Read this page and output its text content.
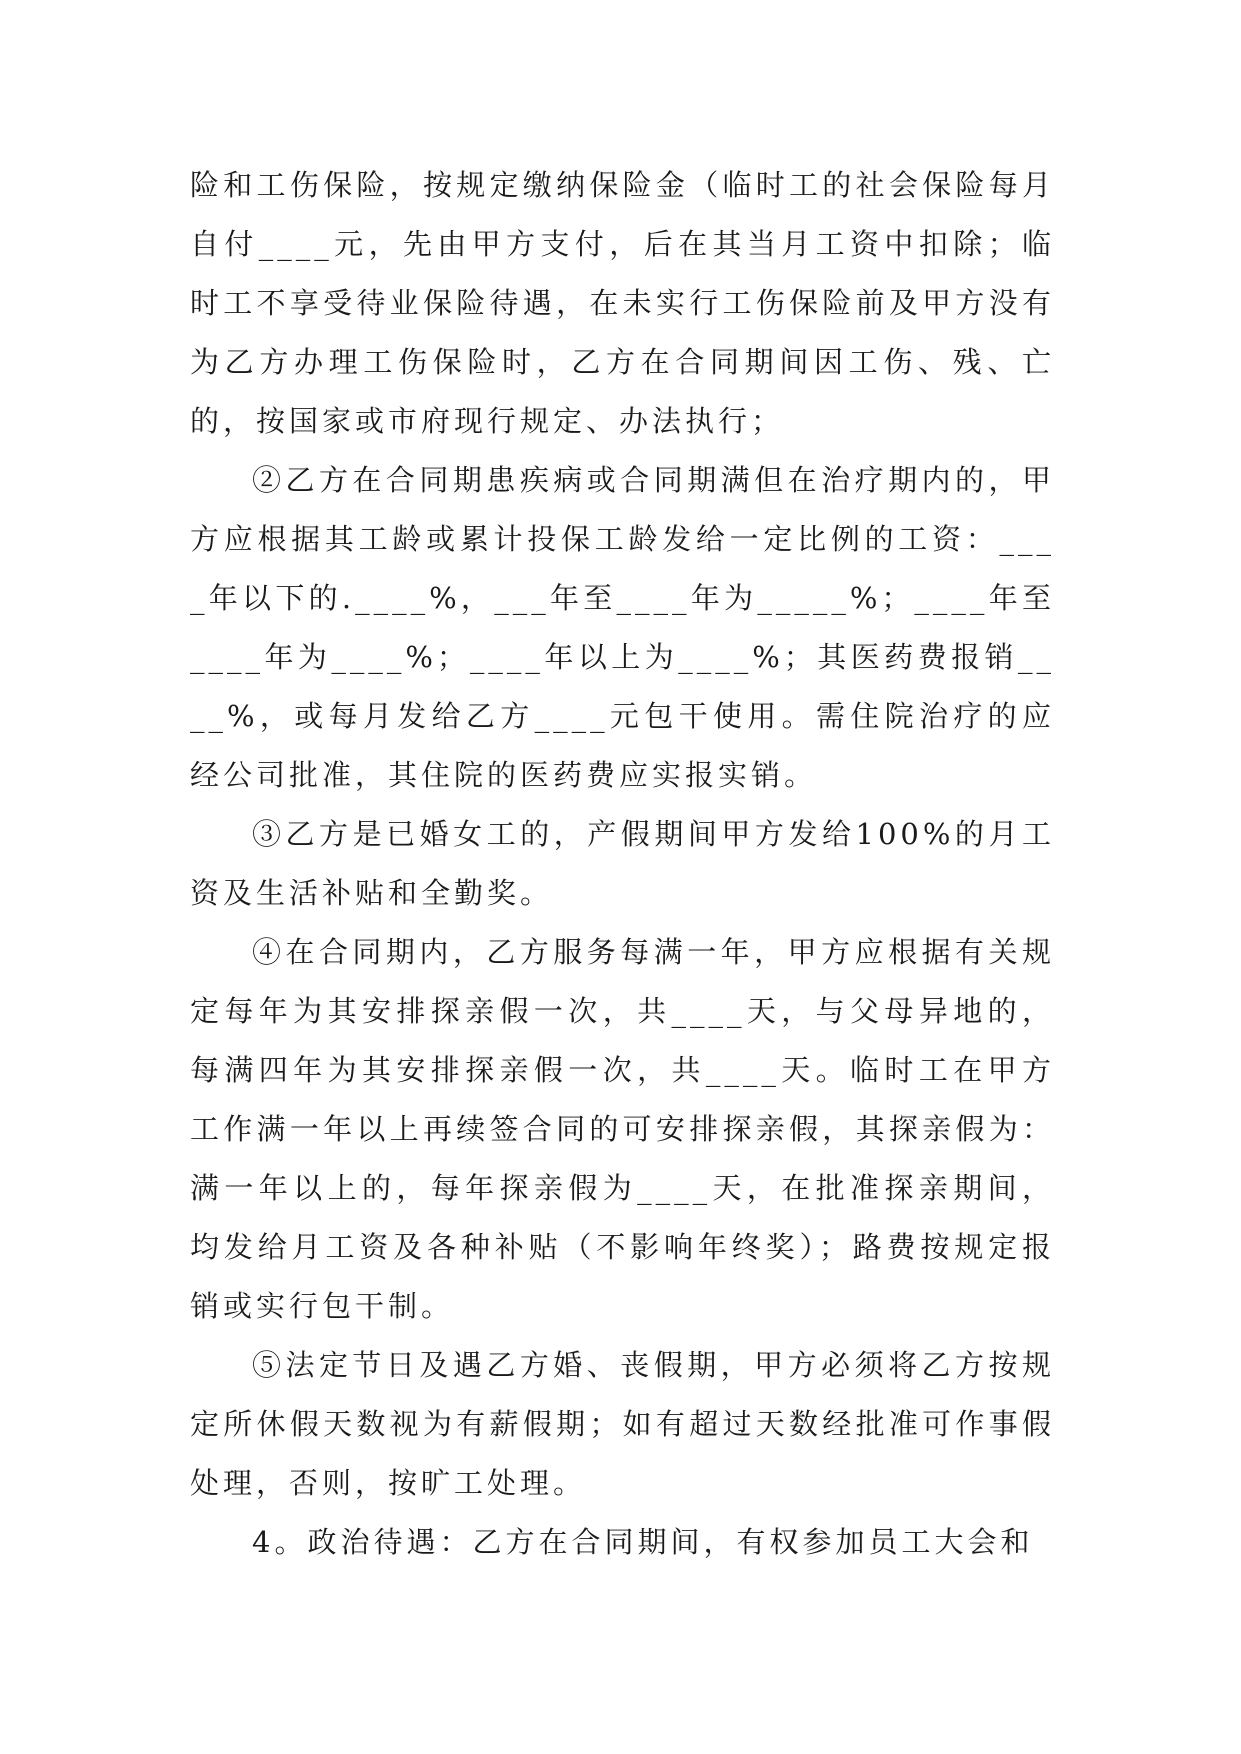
险和工伤保险，按规定缴纳保险金（临时工的社会保险每月自付____元，先由甲方支付，后在其当月工资中扣除；临时工不享受待业保险待遇，在未实行工伤保险前及甲方没有为乙方办理工伤保险时，乙方在合同期间因工伤、残、亡的，按国家或市府现行规定、办法执行；

②乙方在合同期患疾病或合同期满但在治疗期内的，甲方应根据其工龄或累计投保工龄发给一定比例的工资：____年以下的.____%，___年至____年为_____%；____年至____年为____%；____年以上为____%；其医药费报销____%，或每月发给乙方____元包干使用。需住院治疗的应经公司批准，其住院的医药费应实报实销。

③乙方是已婚女工的，产假期间甲方发给100%的月工资及生活补贴和全勤奖。

④在合同期内，乙方服务每满一年，甲方应根据有关规定每年为其安排探亲假一次，共____天，与父母异地的，每满四年为其安排探亲假一次，共____天。临时工在甲方工作满一年以上再续签合同的可安排探亲假，其探亲假为：满一年以上的，每年探亲假为____天，在批准探亲期间，均发给月工资及各种补贴（不影响年终奖）；路费按规定报销或实行包干制。

⑤法定节日及遇乙方婚、丧假期，甲方必须将乙方按规定所休假天数视为有薪假期；如有超过天数经批准可作事假处理，否则，按旷工处理。

4。政治待遇：乙方在合同期间，有权参加员工大会和
